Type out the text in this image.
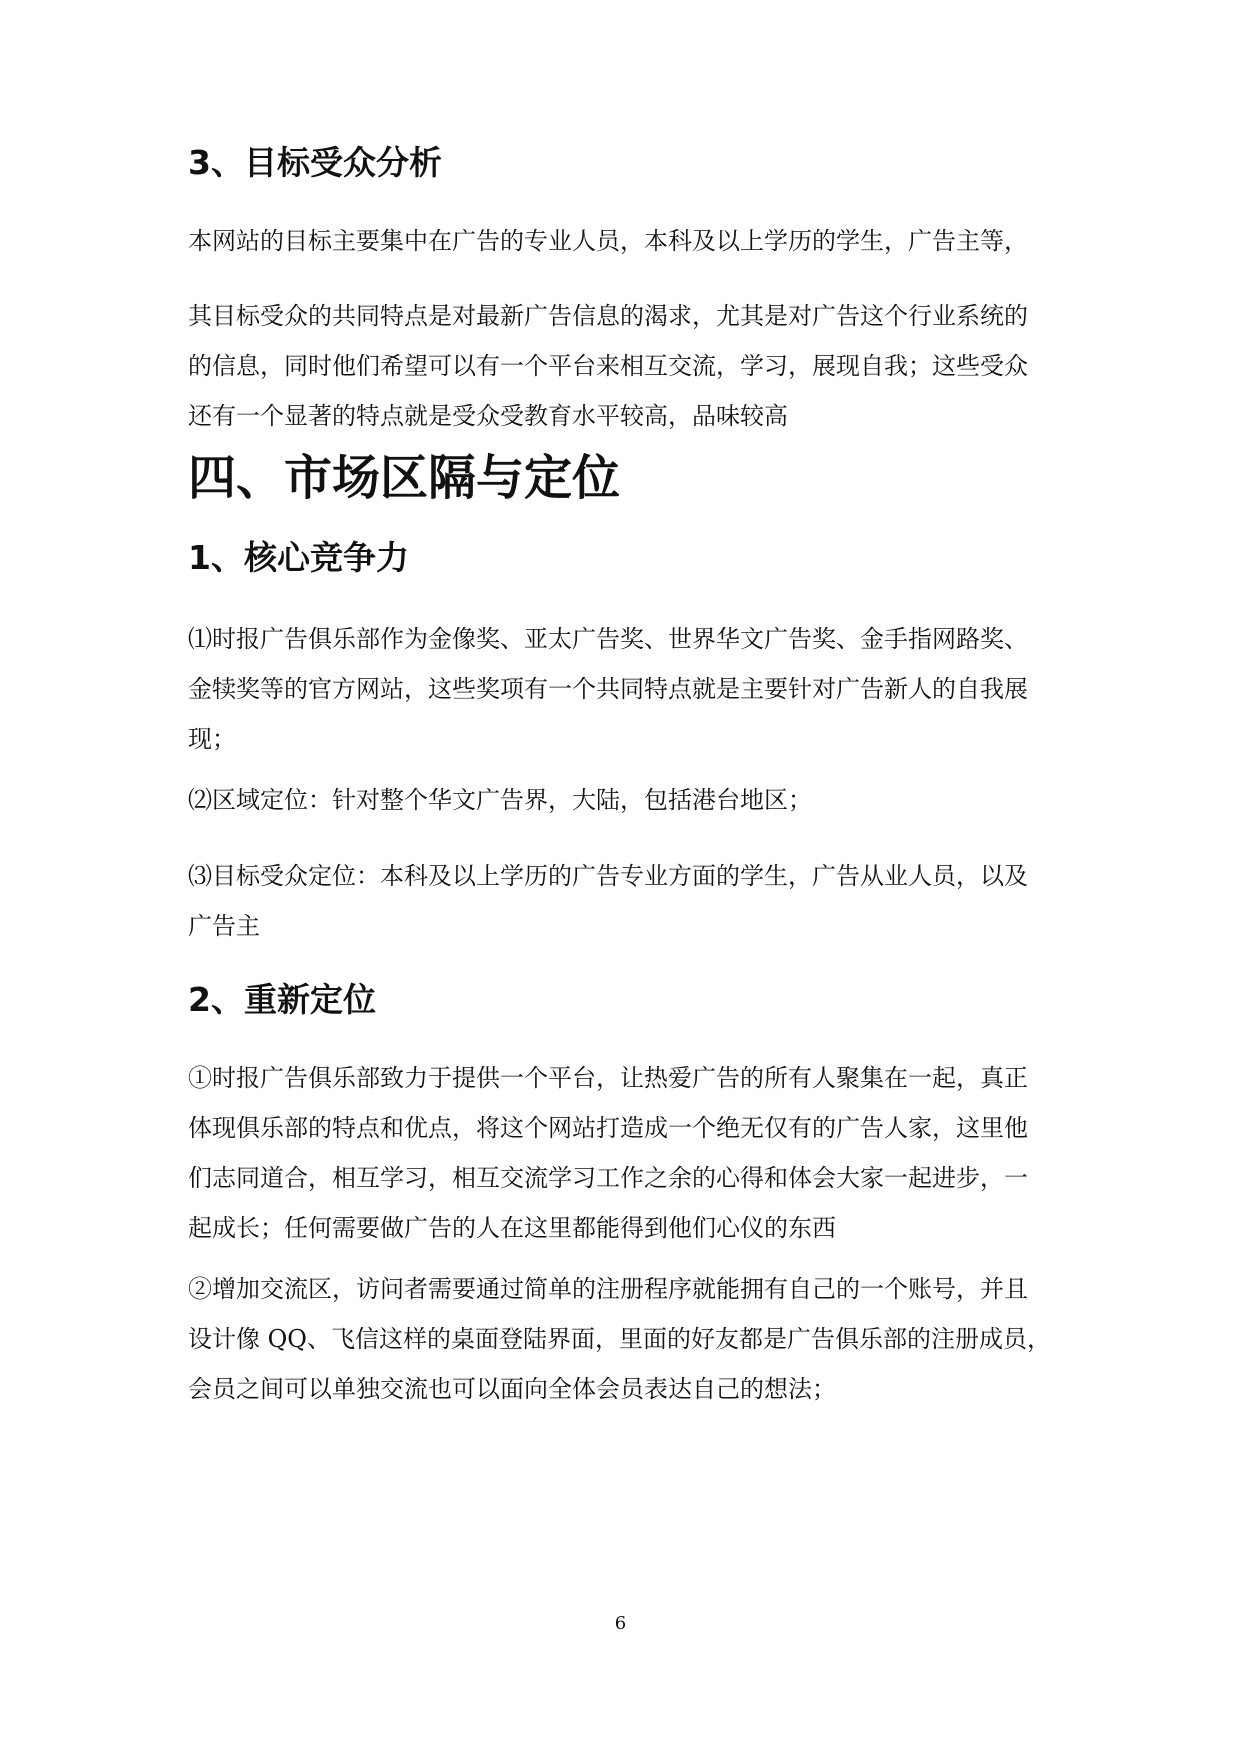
3、目标受众分析
本网站的目标主要集中在广告的专业人员，本科及以上学历的学生，广告主等，
其目标受众的共同特点是对最新广告信息的渴求，尤其是对广告这个行业系统的
的信息，同时他们希望可以有一个平台来相互交流，学习，展现自我；这些受众
还有一个显著的特点就是受众受教育水平较高，品味较高
四、市场区隔与定位
1、核心竞争力
⑴时报广告俱乐部作为金像奖、亚太广告奖、世界华文广告奖、金手指网路奖、
金犊奖等的官方网站，这些奖项有一个共同特点就是主要针对广告新人的自我展
现；
⑵区域定位：针对整个华文广告界，大陆，包括港台地区；
⑶目标受众定位：本科及以上学历的广告专业方面的学生，广告从业人员，以及
广告主
2、重新定位
①时报广告俱乐部致力于提供一个平台，让热爱广告的所有人聚集在一起，真正
体现俱乐部的特点和优点，将这个网站打造成一个绝无仅有的广告人家，这里他
们志同道合，相互学习，相互交流学习工作之余的心得和体会大家一起进步，一
起成长；任何需要做广告的人在这里都能得到他们心仪的东西
②增加交流区，访问者需要通过简单的注册程序就能拥有自己的一个账号，并且
设计像 QQ、飞信这样的桌面登陆界面，里面的好友都是广告俱乐部的注册成员，
会员之间可以单独交流也可以面向全体会员表达自己的想法；
6
